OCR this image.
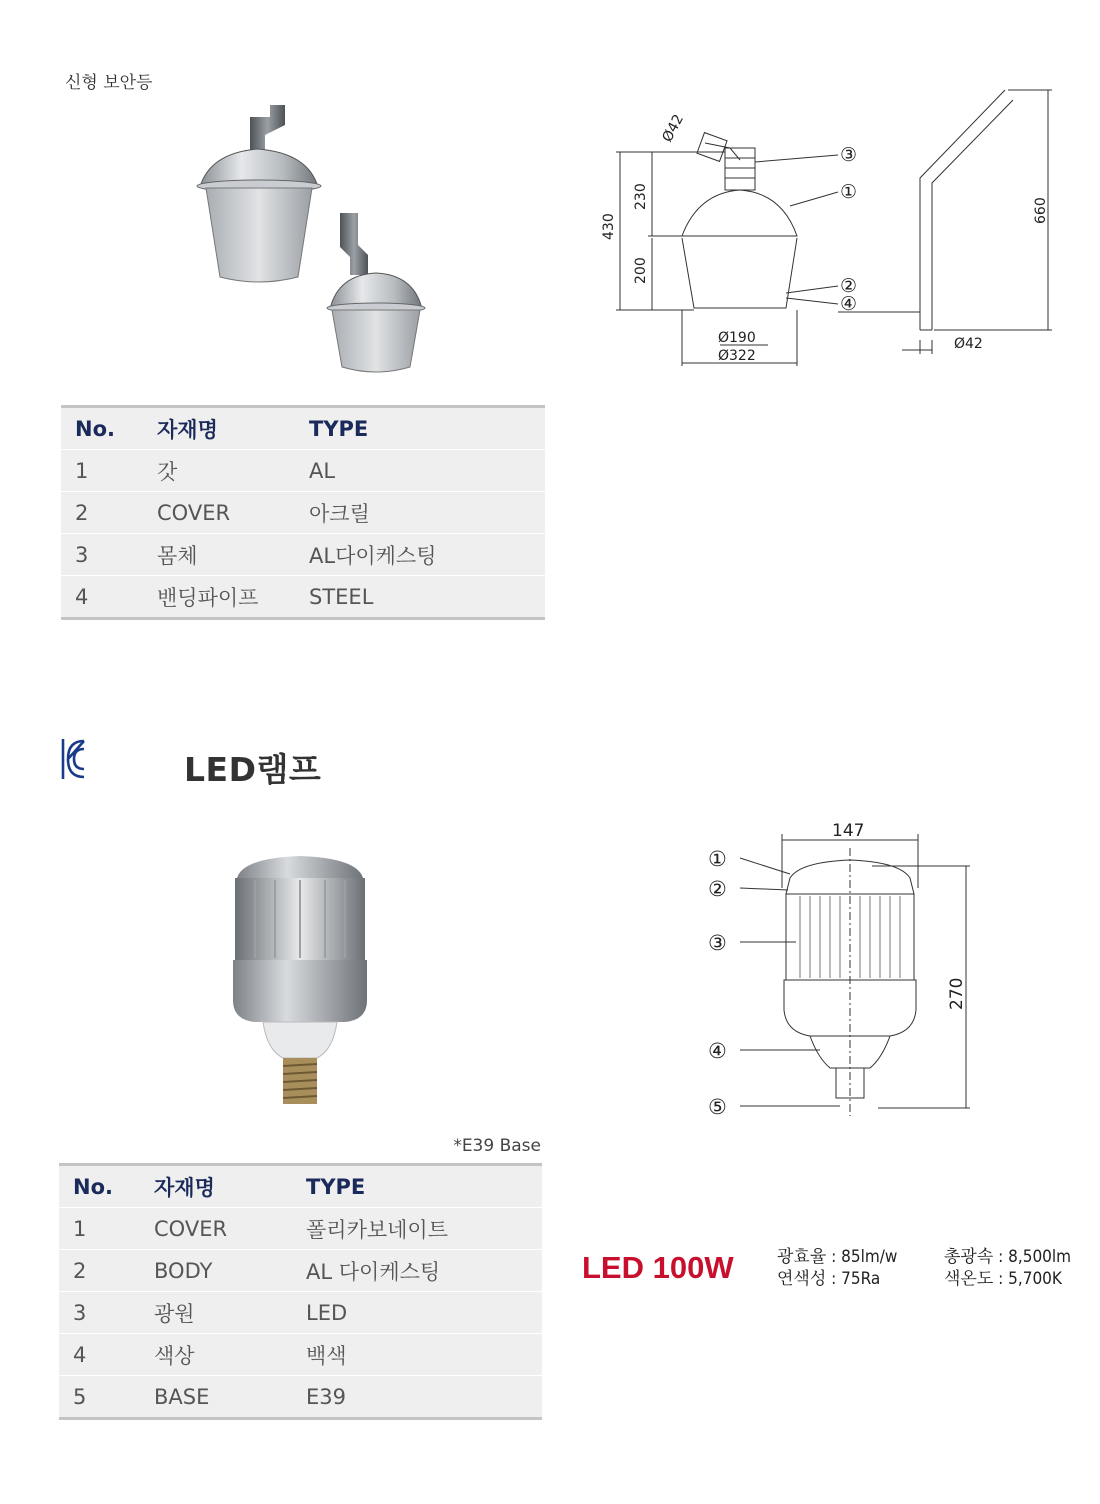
신형 보안등
Ø42
230
430
200
Ø190
Ø322
660
Ø42
③
①
②
④
No.	자재명	TYPE
1	갓	AL
2	COVER	아크릴
3	몸체	AL다이케스팅
4	밴딩파이프	STEEL
LED램프
147
270
①
②
③
④
⑤
*E39 Base
No.	자재명	TYPE
1	COVER	폴리카보네이트
2	BODY	AL 다이케스팅
3	광원	LED
4	색상	백색
5	BASE	E39
LED 100W	광효율 : 85lm/w
연색성 : 75Ra
총광속 : 8,500lm
색온도 : 5,700K
